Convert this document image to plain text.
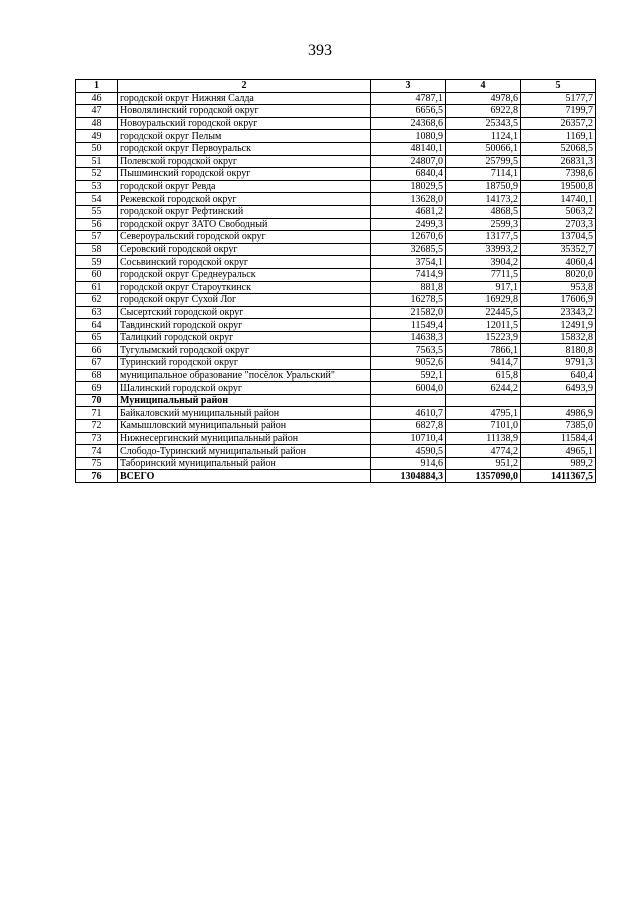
393
1	2	3	4	5
46	городской округ Нижняя Салда	4787,1	4978,6	5177,7
47	Новолялинский городской округ	6656,5	6922,8	7199,7
48	Новоуральский городской округ	24368,6	25343,5	26357,2
49	городской округ Пелым	1080,9	1124,1	1169,1
50	городской округ Первоуральск	48140,1	50066,1	52068,5
51	Полевской городской округ	24807,0	25799,5	26831,3
52	Пышминский городской округ	6840,4	7114,1	7398,6
53	городской округ Ревда	18029,5	18750,9	19500,8
54	Режевской городской округ	13628,0	14173,2	14740,1
55	городской округ Рефтинский	4681,2	4868,5	5063,2
56	городской округ ЗАТО Свободный	2499,3	2599,3	2703,3
57	Североуральский городской округ	12670,6	13177,5	13704,5
58	Серовский городской округ	32685,5	33993,2	35352,7
59	Сосьвинский городской округ	3754,1	3904,2	4060,4
60	городской округ Среднеуральск	7414,9	7711,5	8020,0
61	городской округ Староуткинск	881,8	917,1	953,8
62	городской округ Сухой Лог	16278,5	16929,8	17606,9
63	Сысертский городской округ	21582,0	22445,5	23343,2
64	Тавдинский городской округ	11549,4	12011,5	12491,9
65	Талицкий городской округ	14638,3	15223,9	15832,8
66	Тугулымский городской округ	7563,5	7866,1	8180,8
67	Туринский городской округ	9052,6	9414,7	9791,3
68	муниципальное образование "посёлок Уральский"	592,1	615,8	640,4
69	Шалинский городской округ	6004,0	6244,2	6493,9
70	Муниципальный район			
71	Байкаловский муниципальный район	4610,7	4795,1	4986,9
72	Камышловский муниципальный район	6827,8	7101,0	7385,0
73	Нижнесергинский муниципальный район	10710,4	11138,9	11584,4
74	Слободо-Туринский муниципальный район	4590,5	4774,2	4965,1
75	Таборинский муниципальный район	914,6	951,2	989,2
76	ВСЕГО	1304884,3	1357090,0	1411367,5
